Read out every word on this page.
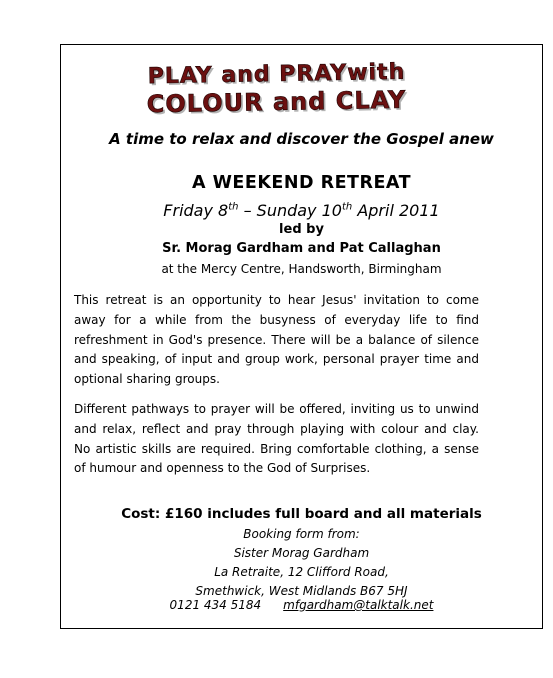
PLAY and PRAYwith
COLOUR and CLAY
A time to relax and discover the Gospel anew
A WEEKEND RETREAT
Friday 8th – Sunday 10th April 2011
led by
Sr. Morag Gardham and Pat Callaghan
at the Mercy Centre, Handsworth, Birmingham
This retreat is an opportunity to hear Jesus' invitation to come away for a while from the busyness of everyday life to find refreshment in God's presence. There will be a balance of silence and speaking, of input and group work, personal prayer time and optional sharing groups.
Different pathways to prayer will be offered, inviting us to unwind and relax, reflect and pray through playing with colour and clay. No artistic skills are required. Bring comfortable clothing, a sense of humour and openness to the God of Surprises.
Cost: £160 includes full board and all materials
Booking form from:
Sister Morag Gardham
La Retraite, 12 Clifford Road,
Smethwick, West Midlands B67 5HJ
0121 434 5184 mfgardham@talktalk.net
